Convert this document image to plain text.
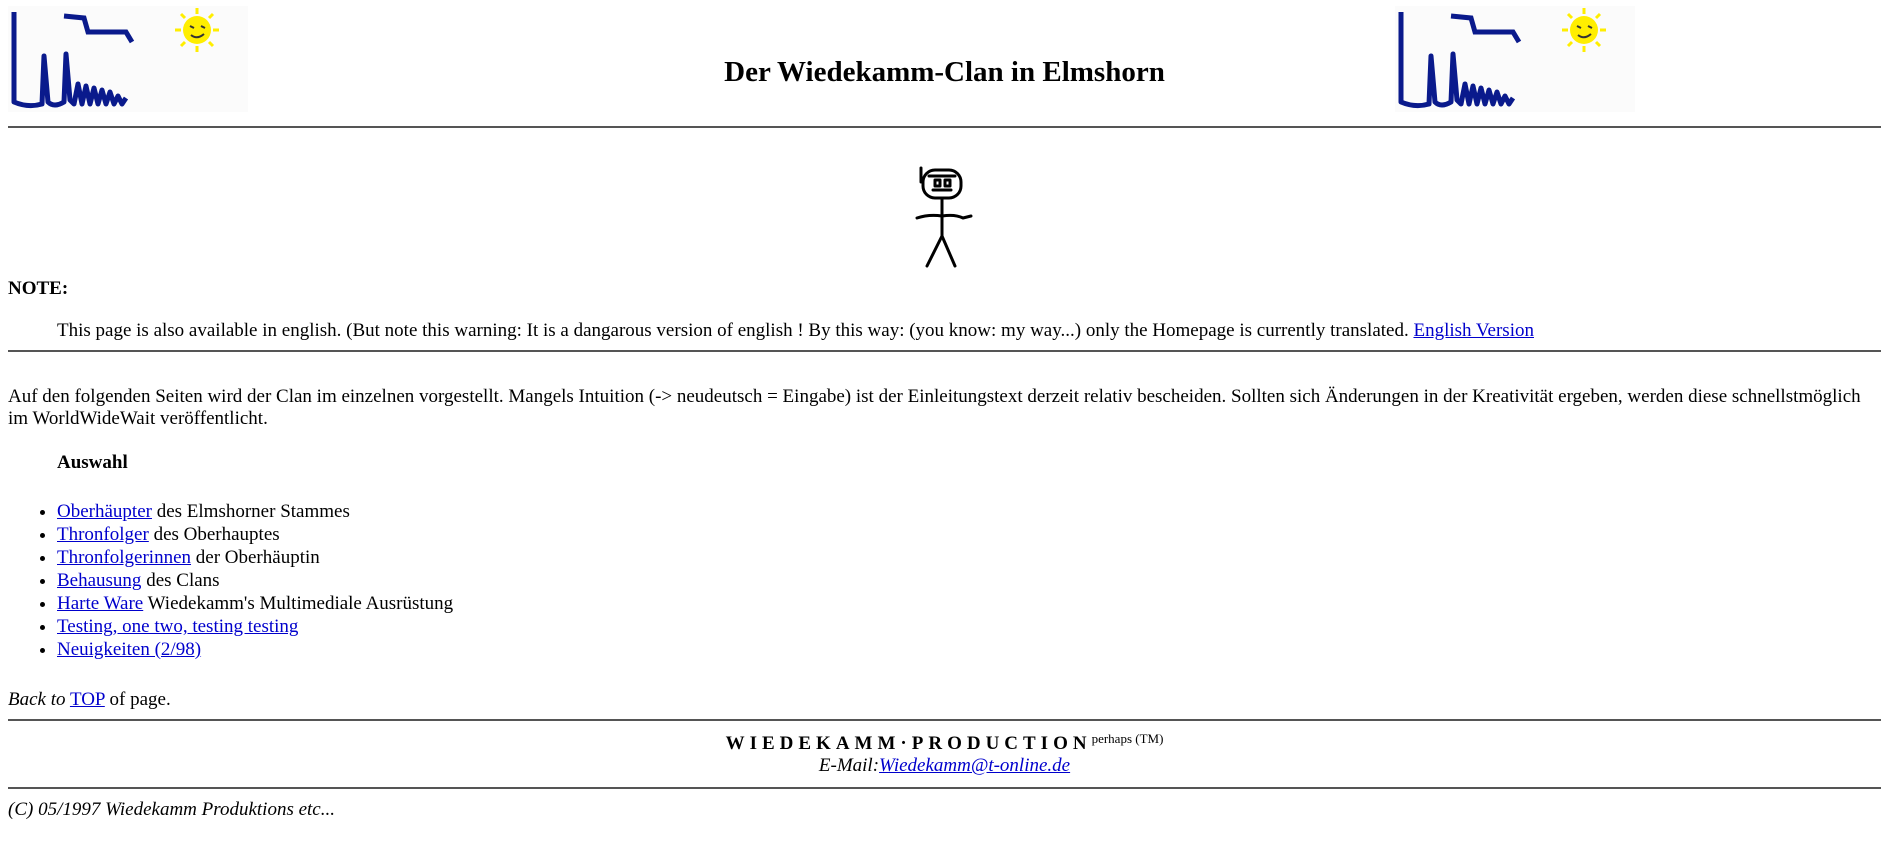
Der Wiedekamm-Clan in Elmshorn

NOTE:

This page is also available in english. (But note this warning: It is a dangarous version of english ! By this way: (you know: my way...) only the Homepage is currently translated. English Version

Auf den folgenden Seiten wird der Clan im einzelnen vorgestellt. Mangels Intuition (-> neudeutsch = Eingabe) ist der Einleitungstext derzeit relativ bescheiden. Sollten sich Änderungen in der Kreativität ergeben, werden diese schnellstmöglich im WorldWideWait veröffentlicht.

Auswahl

• Oberhäupter des Elmshorner Stammes
• Thronfolger des Oberhauptes
• Thronfolgerinnen der Oberhäuptin
• Behausung des Clans
• Harte Ware Wiedekamm's Multimediale Ausrüstung
• Testing, one two, testing testing
• Neuigkeiten (2/98)

Back to TOP of page.

$WIEDEKAMM\cdot PRODUCTION^{perhaps (TM)}$
E-Mail:Wiedekamm@t-online.de

(C) 05/1997 Wiedekamm Produktions etc...
